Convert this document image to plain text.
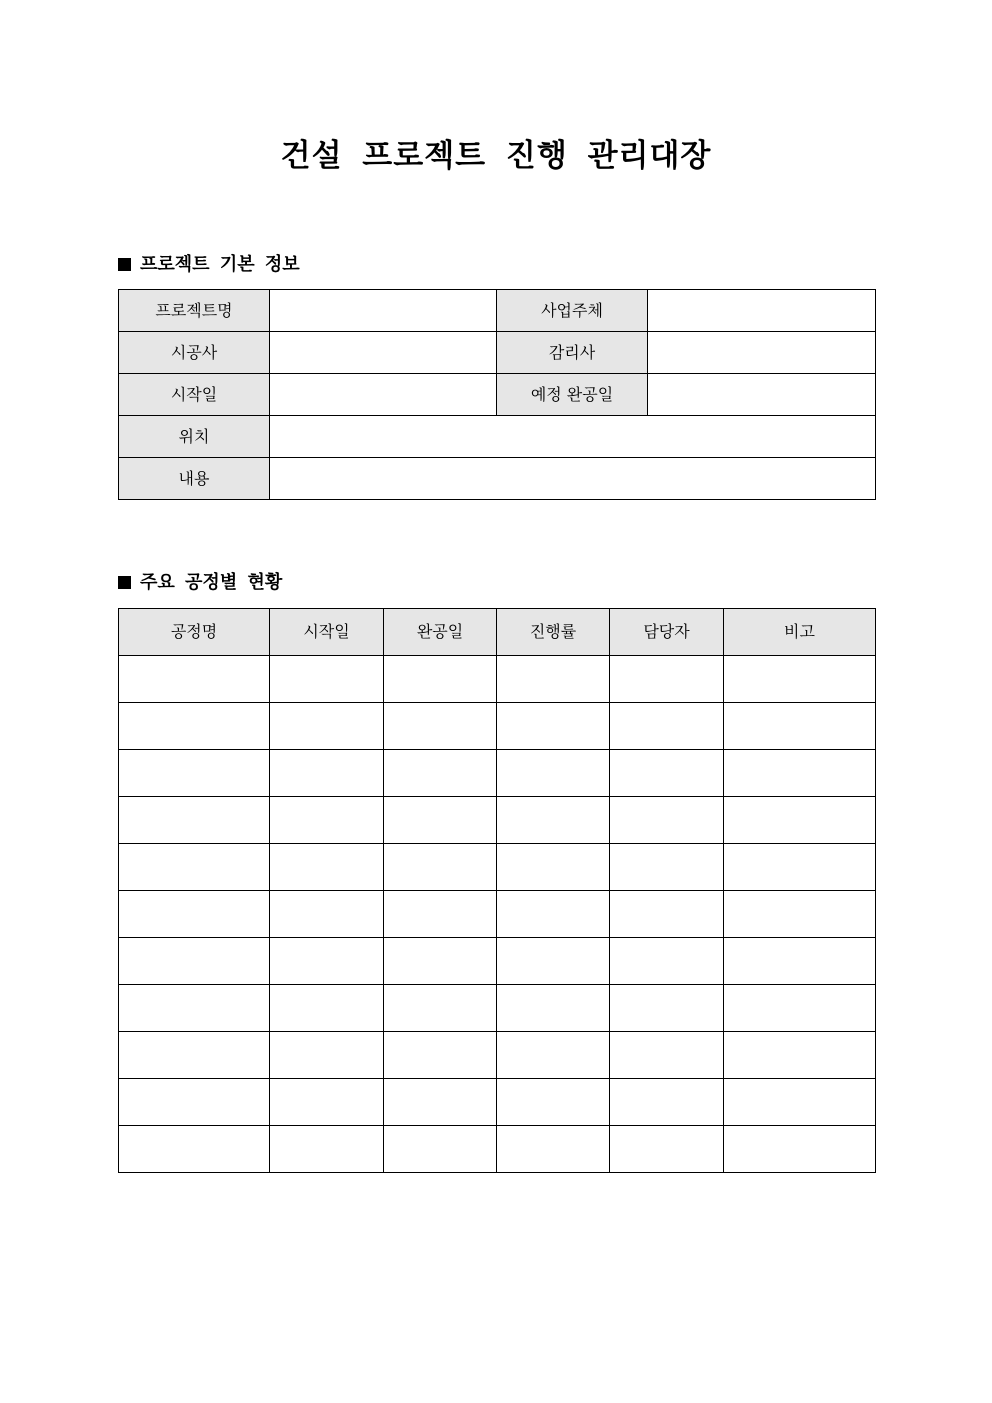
건설 프로젝트 진행 관리대장
프로젝트 기본 정보
프로젝트명		사업주체	
시공사		감리사	
시작일		예정 완공일	
위치			
내용			
주요 공정별 현황
공정명	시작일	완공일	진행률	담당자	비고
